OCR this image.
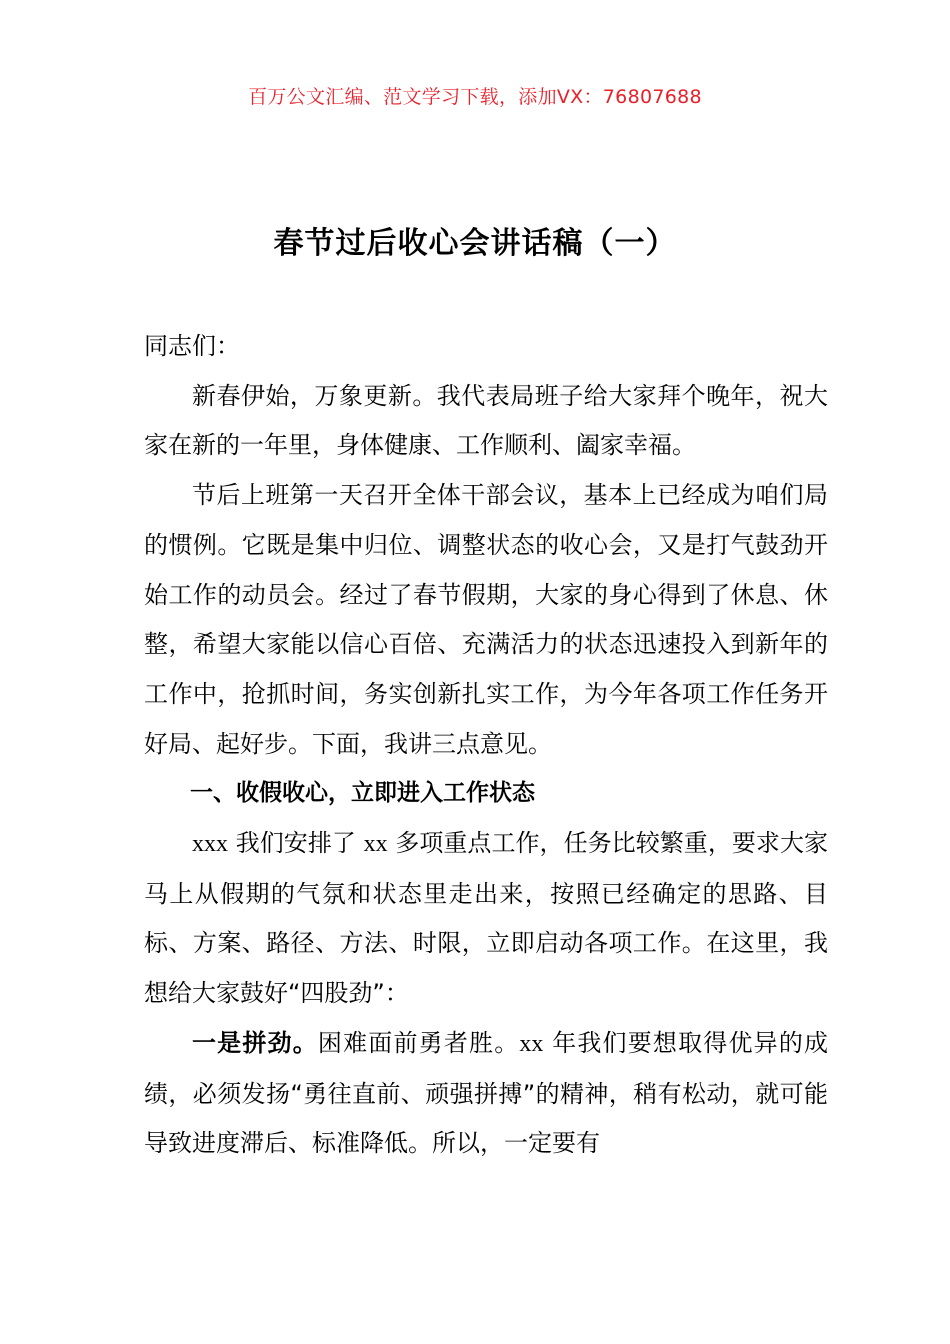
百万公文汇编、范文学习下载，添加VX：76807688
春节过后收心会讲话稿（一）

同志们：

新春伊始，万象更新。我代表局班子给大家拜个晚年，祝大家在新的一年里，身体健康、工作顺利、阖家幸福。

节后上班第一天召开全体干部会议，基本上已经成为咱们局的惯例。它既是集中归位、调整状态的收心会，又是打气鼓劲开始工作的动员会。经过了春节假期，大家的身心得到了休息、休整，希望大家能以信心百倍、充满活力的状态迅速投入到新年的工作中，抢抓时间，务实创新扎实工作，为今年各项工作任务开好局、起好步。下面，我讲三点意见。

一、收假收心，立即进入工作状态

xxx 我们安排了 xx 多项重点工作，任务比较繁重，要求大家马上从假期的气氛和状态里走出来，按照已经确定的思路、目标、方案、路径、方法、时限，立即启动各项工作。在这里，我想给大家鼓好“四股劲”：

一是拼劲。困难面前勇者胜。xx 年我们要想取得优异的成绩，必须发扬“勇往直前、顽强拼搏”的精神，稍有松动，就可能导致进度滞后、标准降低。所以，一定要有
